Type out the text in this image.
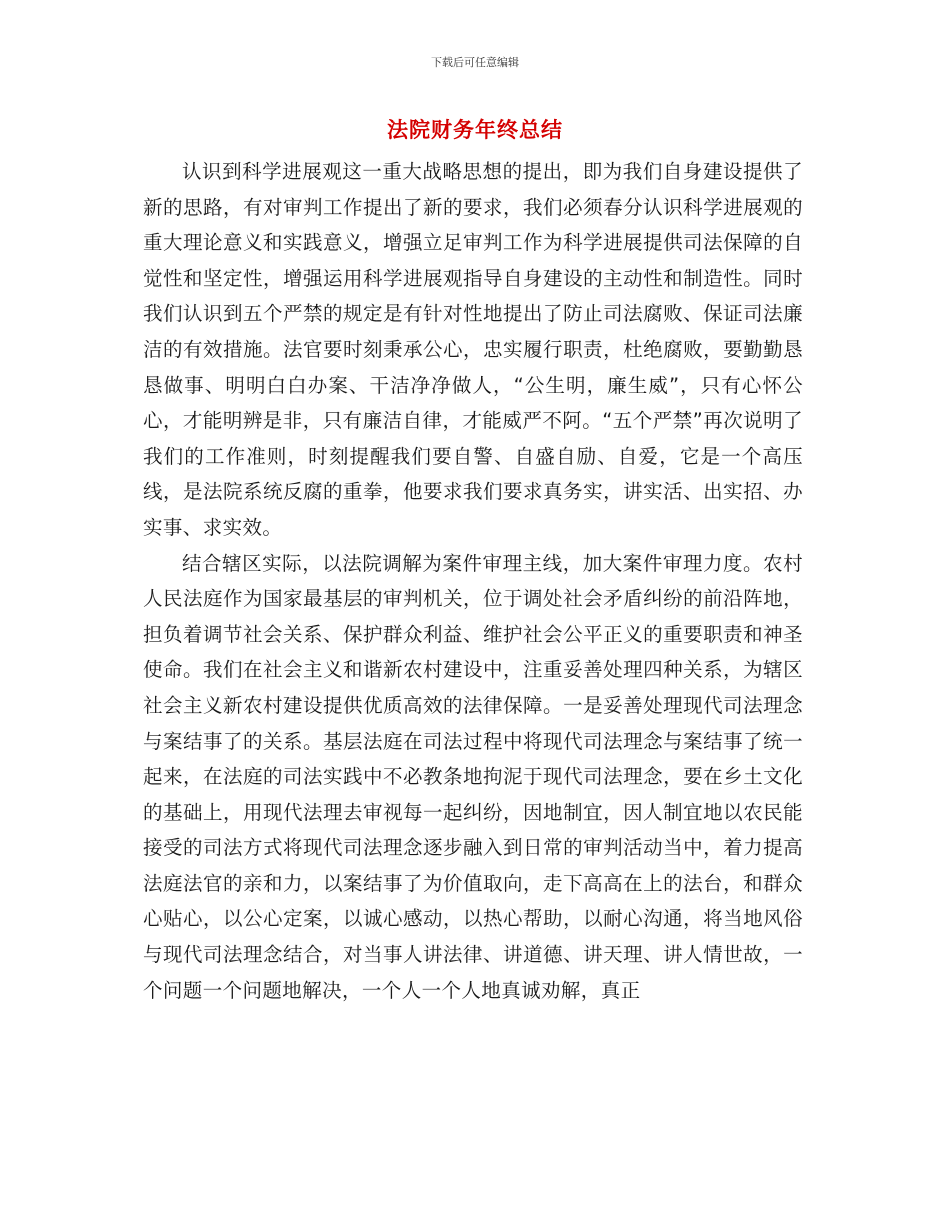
下载后可任意编辑
法院财务年终总结

认识到科学进展观这一重大战略思想的提出，即为我们自身建设提供了新的思路，有对审判工作提出了新的要求，我们必须春分认识科学进展观的重大理论意义和实践意义，增强立足审判工作为科学进展提供司法保障的自觉性和坚定性，增强运用科学进展观指导自身建设的主动性和制造性。同时我们认识到五个严禁的规定是有针对性地提出了防止司法腐败、保证司法廉洁的有效措施。法官要时刻秉承公心，忠实履行职责，杜绝腐败，要勤勤恳恳做事、明明白白办案、干洁净净做人，“公生明，廉生威”，只有心怀公心，才能明辨是非，只有廉洁自律，才能威严不阿。“五个严禁”再次说明了我们的工作准则，时刻提醒我们要自警、自盛自励、自爱，它是一个高压线，是法院系统反腐的重拳，他要求我们要求真务实，讲实活、出实招、办实事、求实效。

结合辖区实际，以法院调解为案件审理主线，加大案件审理力度。农村人民法庭作为国家最基层的审判机关，位于调处社会矛盾纠纷的前沿阵地，担负着调节社会关系、保护群众利益、维护社会公平正义的重要职责和神圣使命。我们在社会主义和谐新农村建设中，注重妥善处理四种关系，为辖区社会主义新农村建设提供优质高效的法律保障。一是妥善处理现代司法理念与案结事了的关系。基层法庭在司法过程中将现代司法理念与案结事了统一起来，在法庭的司法实践中不必教条地拘泥于现代司法理念，要在乡土文化的基础上，用现代法理去审视每一起纠纷，因地制宜，因人制宜地以农民能接受的司法方式将现代司法理念逐步融入到日常的审判活动当中，着力提高法庭法官的亲和力，以案结事了为价值取向，走下高高在上的法台，和群众心贴心，以公心定案，以诚心感动，以热心帮助，以耐心沟通，将当地风俗与现代司法理念结合，对当事人讲法律、讲道德、讲天理、讲人情世故，一个问题一个问题地解决，一个人一个人地真诚劝解，真正
